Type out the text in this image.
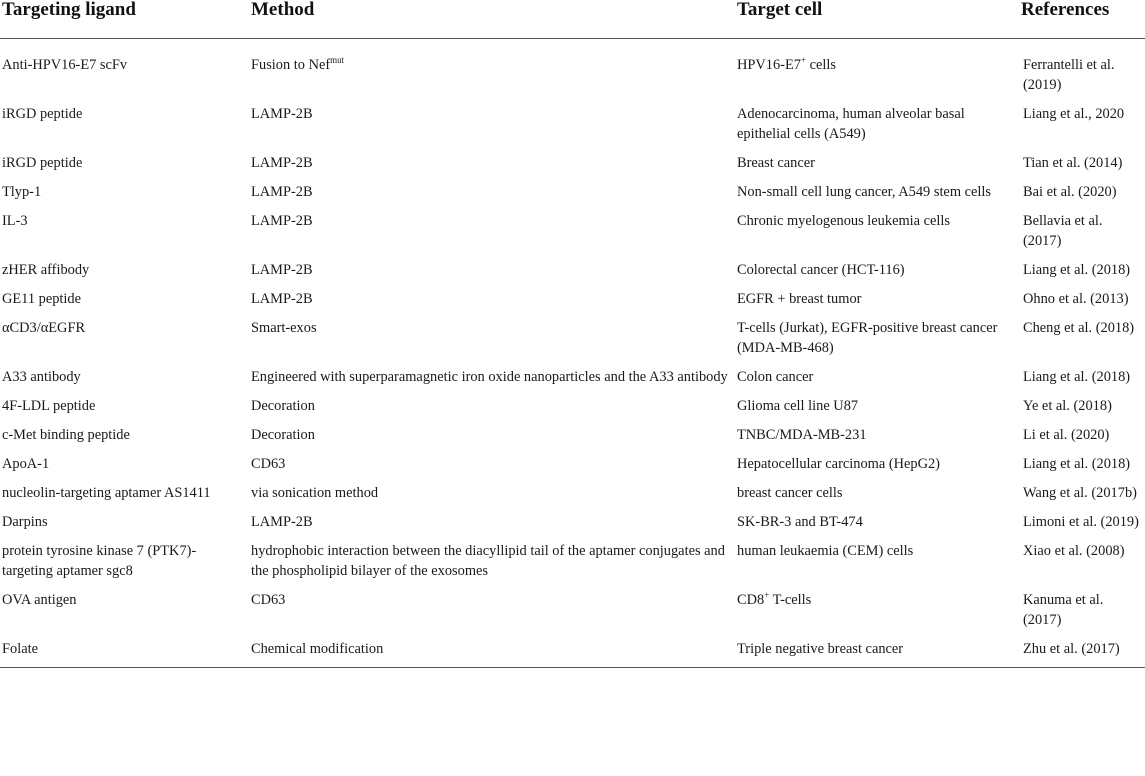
Targeting ligand	Method	Target cell	References
Anti-HPV16-E7 scFv	Fusion to Nef$^{mut}$	HPV16-E7+ cells	Ferrantelli et al. (2019)
iRGD peptide	LAMP-2B	Adenocarcinoma, human alveolar basal epithelial cells (A549)	Liang et al., 2020
iRGD peptide	LAMP-2B	Breast cancer	Tian et al. (2014)
Tlyp-1	LAMP-2B	Non-small cell lung cancer, A549 stem cells	Bai et al. (2020)
IL-3	LAMP-2B	Chronic myelogenous leukemia cells	Bellavia et al. (2017)
zHER affibody	LAMP-2B	Colorectal cancer (HCT-116)	Liang et al. (2018)
GE11 peptide	LAMP-2B	EGFR + breast tumor	Ohno et al. (2013)
αCD3/αEGFR	Smart-exos	T-cells (Jurkat), EGFR-positive breast cancer (MDA-MB-468)	Cheng et al. (2018)
A33 antibody	Engineered with superparamagnetic iron oxide nanoparticles and the A33 antibody	Colon cancer	Liang et al. (2018)
4F-LDL peptide	Decoration	Glioma cell line U87	Ye et al. (2018)
c-Met binding peptide	Decoration	TNBC/MDA-MB-231	Li et al. (2020)
ApoA-1	CD63	Hepatocellular carcinoma (HepG2)	Liang et al. (2018)
nucleolin-targeting aptamer AS1411	via sonication method	breast cancer cells	Wang et al. (2017b)
Darpins	LAMP-2B	SK-BR-3 and BT-474	Limoni et al. (2019)
protein tyrosine kinase 7 (PTK7)-targeting aptamer sgc8	hydrophobic interaction between the diacyllipid tail of the aptamer conjugates and the phospholipid bilayer of the exosomes	human leukaemia (CEM) cells	Xiao et al. (2008)
OVA antigen	CD63	CD8+ T-cells	Kanuma et al. (2017)
Folate	Chemical modification	Triple negative breast cancer	Zhu et al. (2017)
